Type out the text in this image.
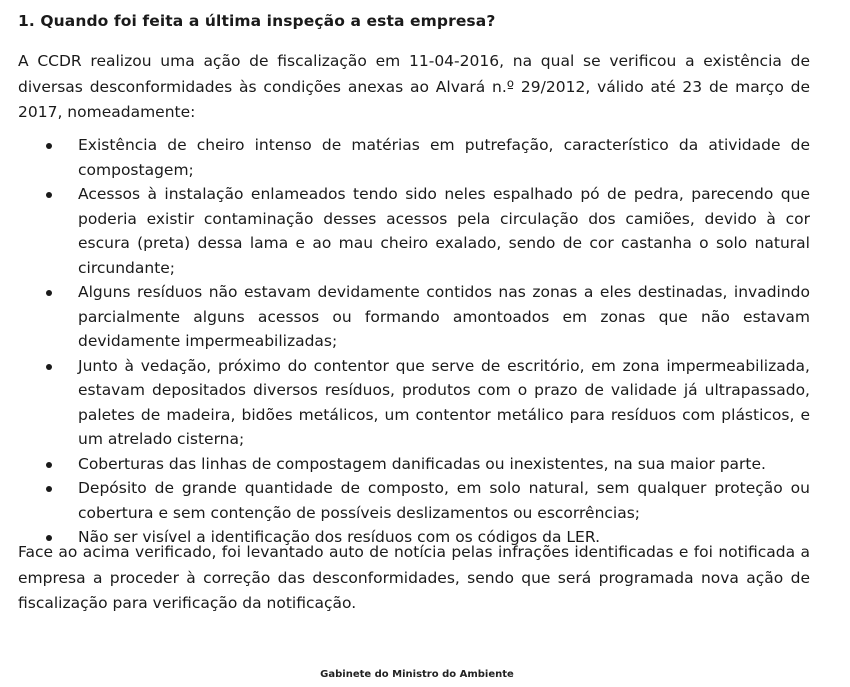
1. Quando foi feita a última inspeção a esta empresa?

A CCDR realizou uma ação de fiscalização em 11-04-2016, na qual se verificou a existência de diversas desconformidades às condições anexas ao Alvará n.º 29/2012, válido até 23 de março de 2017, nomeadamente:

Existência de cheiro intenso de matérias em putrefação, característico da atividade de compostagem;
Acessos à instalação enlameados tendo sido neles espalhado pó de pedra, parecendo que poderia existir contaminação desses acessos pela circulação dos camiões, devido à cor escura (preta) dessa lama e ao mau cheiro exalado, sendo de cor castanha o solo natural circundante;
Alguns resíduos não estavam devidamente contidos nas zonas a eles destinadas, invadindo parcialmente alguns acessos ou formando amontoados em zonas que não estavam devidamente impermeabilizadas;
Junto à vedação, próximo do contentor que serve de escritório, em zona impermeabilizada, estavam depositados diversos resíduos, produtos com o prazo de validade já ultrapassado, paletes de madeira, bidões metálicos, um contentor metálico para resíduos com plásticos, e um atrelado cisterna;
Coberturas das linhas de compostagem danificadas ou inexistentes, na sua maior parte.
Depósito de grande quantidade de composto, em solo natural, sem qualquer proteção ou cobertura e sem contenção de possíveis deslizamentos ou escorrências;
Não ser visível a identificação dos resíduos com os códigos da LER.

Face ao acima verificado, foi levantado auto de notícia pelas infrações identificadas e foi notificada a empresa a proceder à correção das desconformidades, sendo que será programada nova ação de fiscalização para verificação da notificação.

Gabinete do Ministro do Ambiente
